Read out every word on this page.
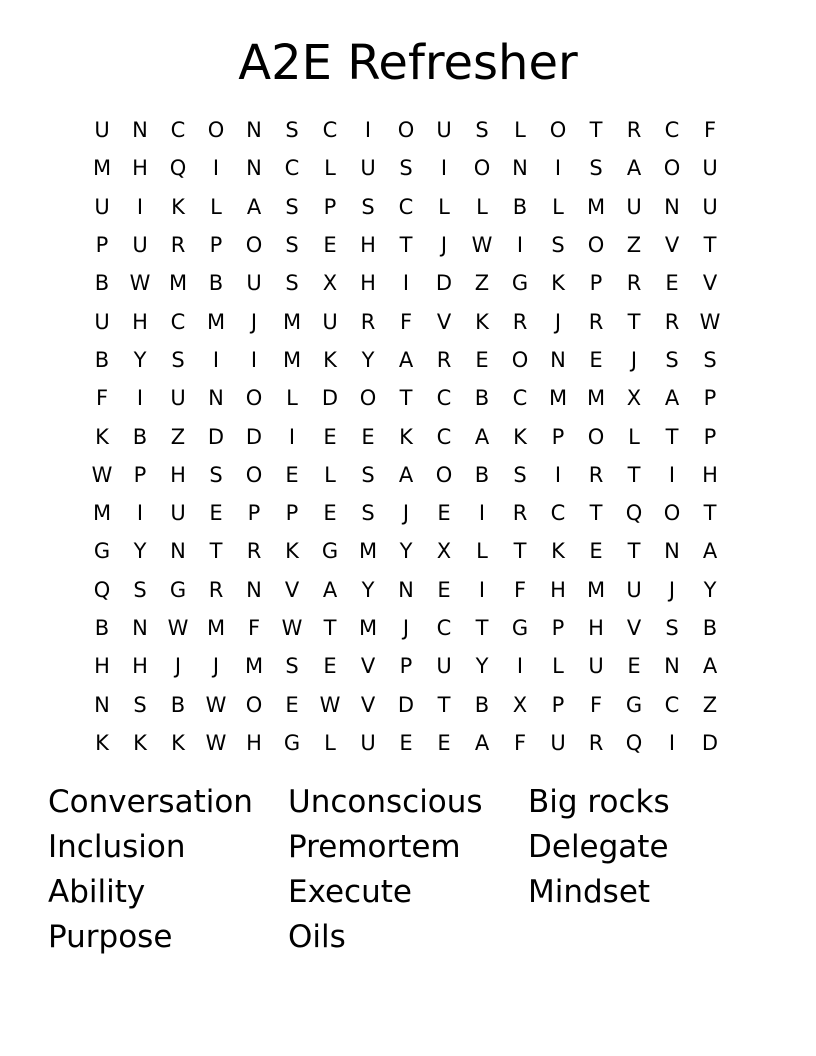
A2E Refresher
U	N	C	O	N	S	C	I	O	U	S	L	O	T	R	C	F
M	H	Q	I	N	C	L	U	S	I	O	N	I	S	A	O	U
U	I	K	L	A	S	P	S	C	L	L	B	L	M	U	N	U
P	U	R	P	O	S	E	H	T	J	W	I	S	O	Z	V	T
B W M	B	U	S	X	H	I	D	Z	G	K	P	R	E	V
U	H	C	M	J	M	U	R	F	V	K	R	J	R	T	R W
B	Y	S	I	I	M	K	Y	A	R	E	O	N	E	J	S	S
F	I	U	N	O	L	D	O	T	C	B	C	M M	X	A	P
K	B	Z	D	D	I	E	E	K	C	A	K	P	O	L	T	P
W	P	H	S	O	E	L	S	A	O	B	S	I	R	T	I	H
M	I	U	E	P	P	E	S	J	E	I	R	C	T	Q	O	T
G	Y	N	T	R	K	G M	Y	X	L	T	K	E	T	N	A
Q	S	G	R	N	V	A	Y	N	E	I	F	H	M	U	J	Y
B	N W M	F	W	T	M	J	C	T	G	P	H	V	S	B
H	H	J	J	M	S	E	V	P	U	Y	I	L	U	E	N	A
N	S	B W O	E W V	D	T	B	X	P	F	G	C	Z
K	K	K W H	G	L	U	E	E	A	F	U	R	Q	I	D
Conversation	Unconscious	Big rocks
Inclusion	Premortem	Delegate
Ability	Execute	Mindset
Purpose	Oils
